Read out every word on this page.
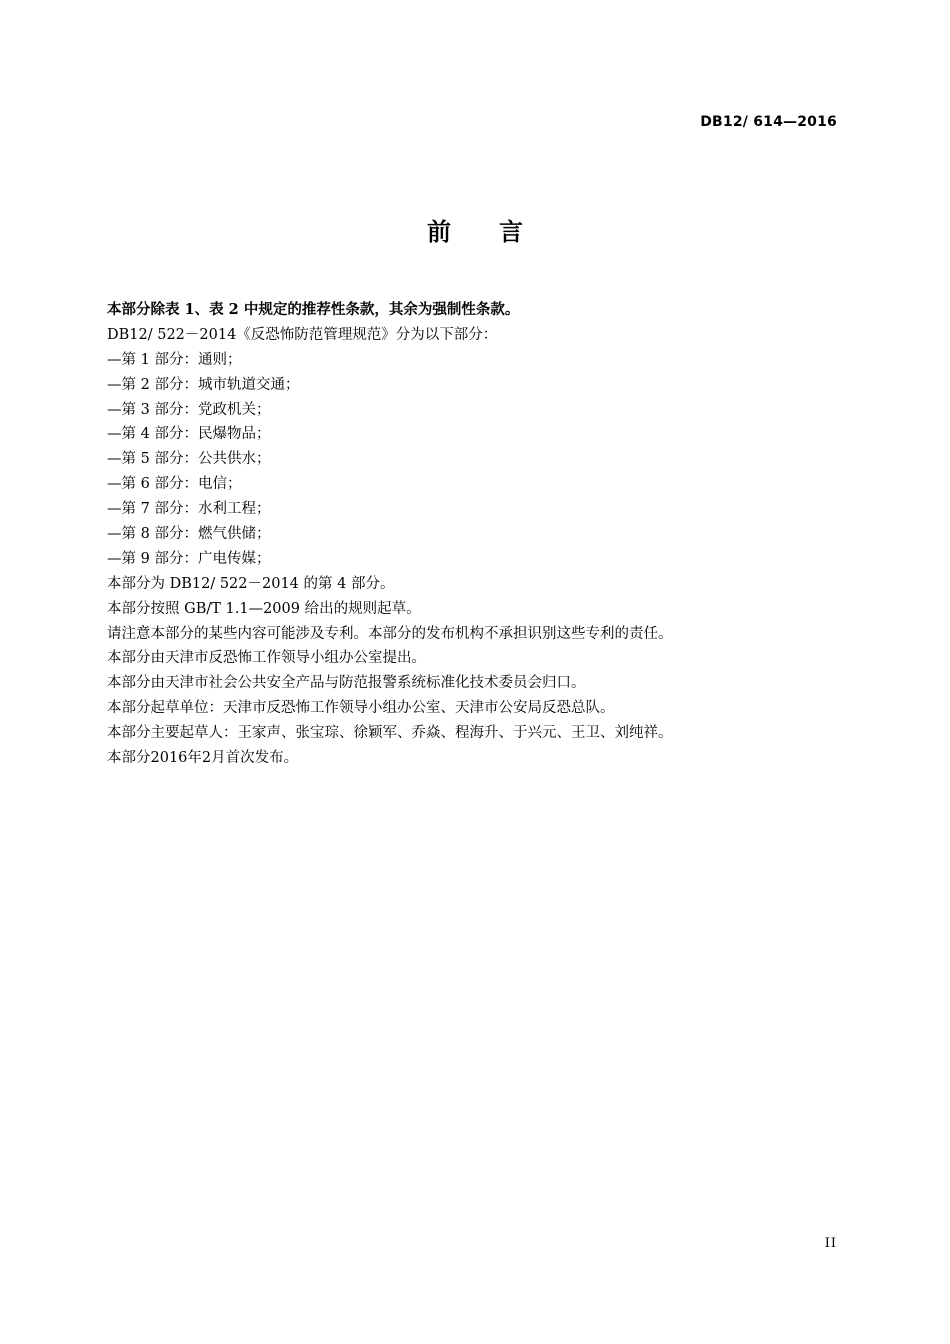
DB12/ 614—2016
前 言
本部分除表 1、表 2 中规定的推荐性条款，其余为强制性条款。
DB12/ 522－2014《反恐怖防范管理规范》分为以下部分：
—第 1 部分：通则；
—第 2 部分：城市轨道交通；
—第 3 部分：党政机关；
—第 4 部分：民爆物品；
—第 5 部分：公共供水；
—第 6 部分：电信；
—第 7 部分：水利工程；
—第 8 部分：燃气供储；
—第 9 部分：广电传媒；
本部分为 DB12/ 522－2014 的第 4 部分。
本部分按照 GB/T 1.1—2009 给出的规则起草。
请注意本部分的某些内容可能涉及专利。本部分的发布机构不承担识别这些专利的责任。
本部分由天津市反恐怖工作领导小组办公室提出。
本部分由天津市社会公共安全产品与防范报警系统标准化技术委员会归口。
本部分起草单位：天津市反恐怖工作领导小组办公室、天津市公安局反恐总队。
本部分主要起草人：王家声、张宝琮、徐颖军、乔焱、程海升、于兴元、王卫、刘纯祥。
本部分2016年2月首次发布。
II
